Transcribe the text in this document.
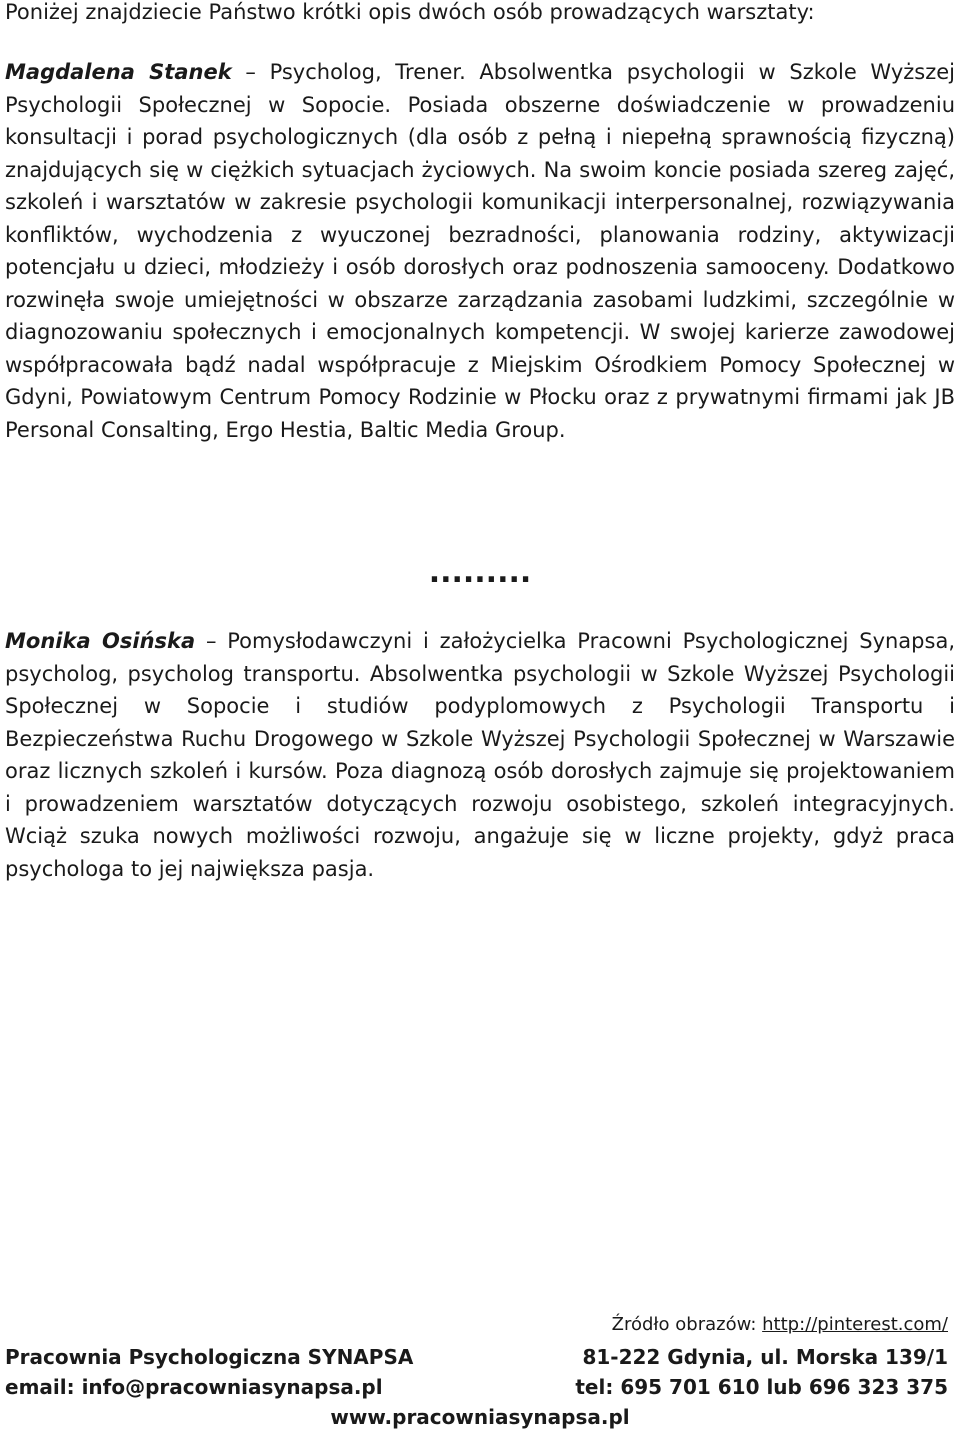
Poniżej znajdziecie Państwo krótki opis dwóch osób prowadzących warsztaty:

Magdalena Stanek – Psycholog, Trener. Absolwentka psychologii w Szkole Wyższej Psychologii Społecznej w Sopocie. Posiada obszerne doświadczenie w prowadzeniu konsultacji i porad psychologicznych (dla osób z pełną i niepełną sprawnością fizyczną) znajdujących się w ciężkich sytuacjach życiowych. Na swoim koncie posiada szereg zajęć, szkoleń i warsztatów w zakresie psychologii komunikacji interpersonalnej, rozwiązywania konfliktów, wychodzenia z wyuczonej bezradności, planowania rodziny, aktywizacji potencjału u dzieci, młodzieży i osób dorosłych oraz podnoszenia samooceny. Dodatkowo rozwinęła swoje umiejętności w obszarze zarządzania zasobami ludzkimi, szczególnie w diagnozowaniu społecznych i emocjonalnych kompetencji. W swojej karierze zawodowej współpracowała bądź nadal współpracuje z Miejskim Ośrodkiem Pomocy Społecznej w Gdyni, Powiatowym Centrum Pomocy Rodzinie w Płocku oraz z prywatnymi firmami jak JB Personal Consalting, Ergo Hestia, Baltic Media Group.

.........

Monika Osińska – Pomysłodawczyni i założycielka Pracowni Psychologicznej Synapsa, psycholog, psycholog transportu. Absolwentka psychologii w Szkole Wyższej Psychologii Społecznej w Sopocie i studiów podyplomowych z Psychologii Transportu i Bezpieczeństwa Ruchu Drogowego w Szkole Wyższej Psychologii Społecznej w Warszawie oraz licznych szkoleń i kursów. Poza diagnozą osób dorosłych zajmuje się projektowaniem i prowadzeniem warsztatów dotyczących rozwoju osobistego, szkoleń integracyjnych. Wciąż szuka nowych możliwości rozwoju, angażuje się w liczne projekty, gdyż praca psychologa to jej największa pasja.

Źródło obrazów: http://pinterest.com/
Pracownia Psychologiczna SYNAPSA	81-222 Gdynia, ul. Morska 139/1
email: info@pracowniasynapsa.pl	tel: 695 701 610 lub 696 323 375
www.pracowniasynapsa.pl
